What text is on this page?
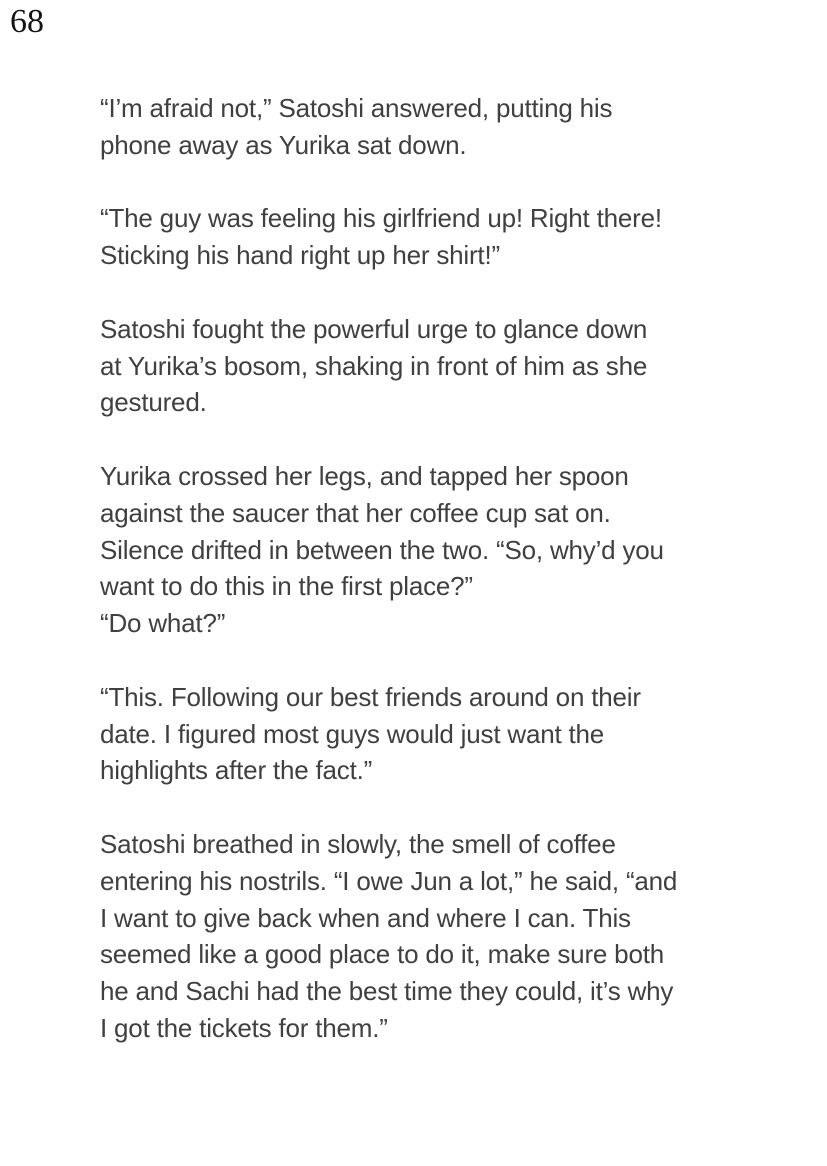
68
“I’m afraid not,” Satoshi answered, putting his
phone away as Yurika sat down.
“The guy was feeling his girlfriend up! Right there!
Sticking his hand right up her shirt!”
Satoshi fought the powerful urge to glance down
at Yurika’s bosom, shaking in front of him as she
gestured.
Yurika crossed her legs, and tapped her spoon
against the saucer that her coffee cup sat on.
Silence drifted in between the two. “So, why’d you
want to do this in the first place?”
“Do what?”
“This. Following our best friends around on their
date. I figured most guys would just want the
highlights after the fact.”
Satoshi breathed in slowly, the smell of coffee
entering his nostrils. “I owe Jun a lot,” he said, “and
I want to give back when and where I can. This
seemed like a good place to do it, make sure both
he and Sachi had the best time they could, it’s why
I got the tickets for them.”
